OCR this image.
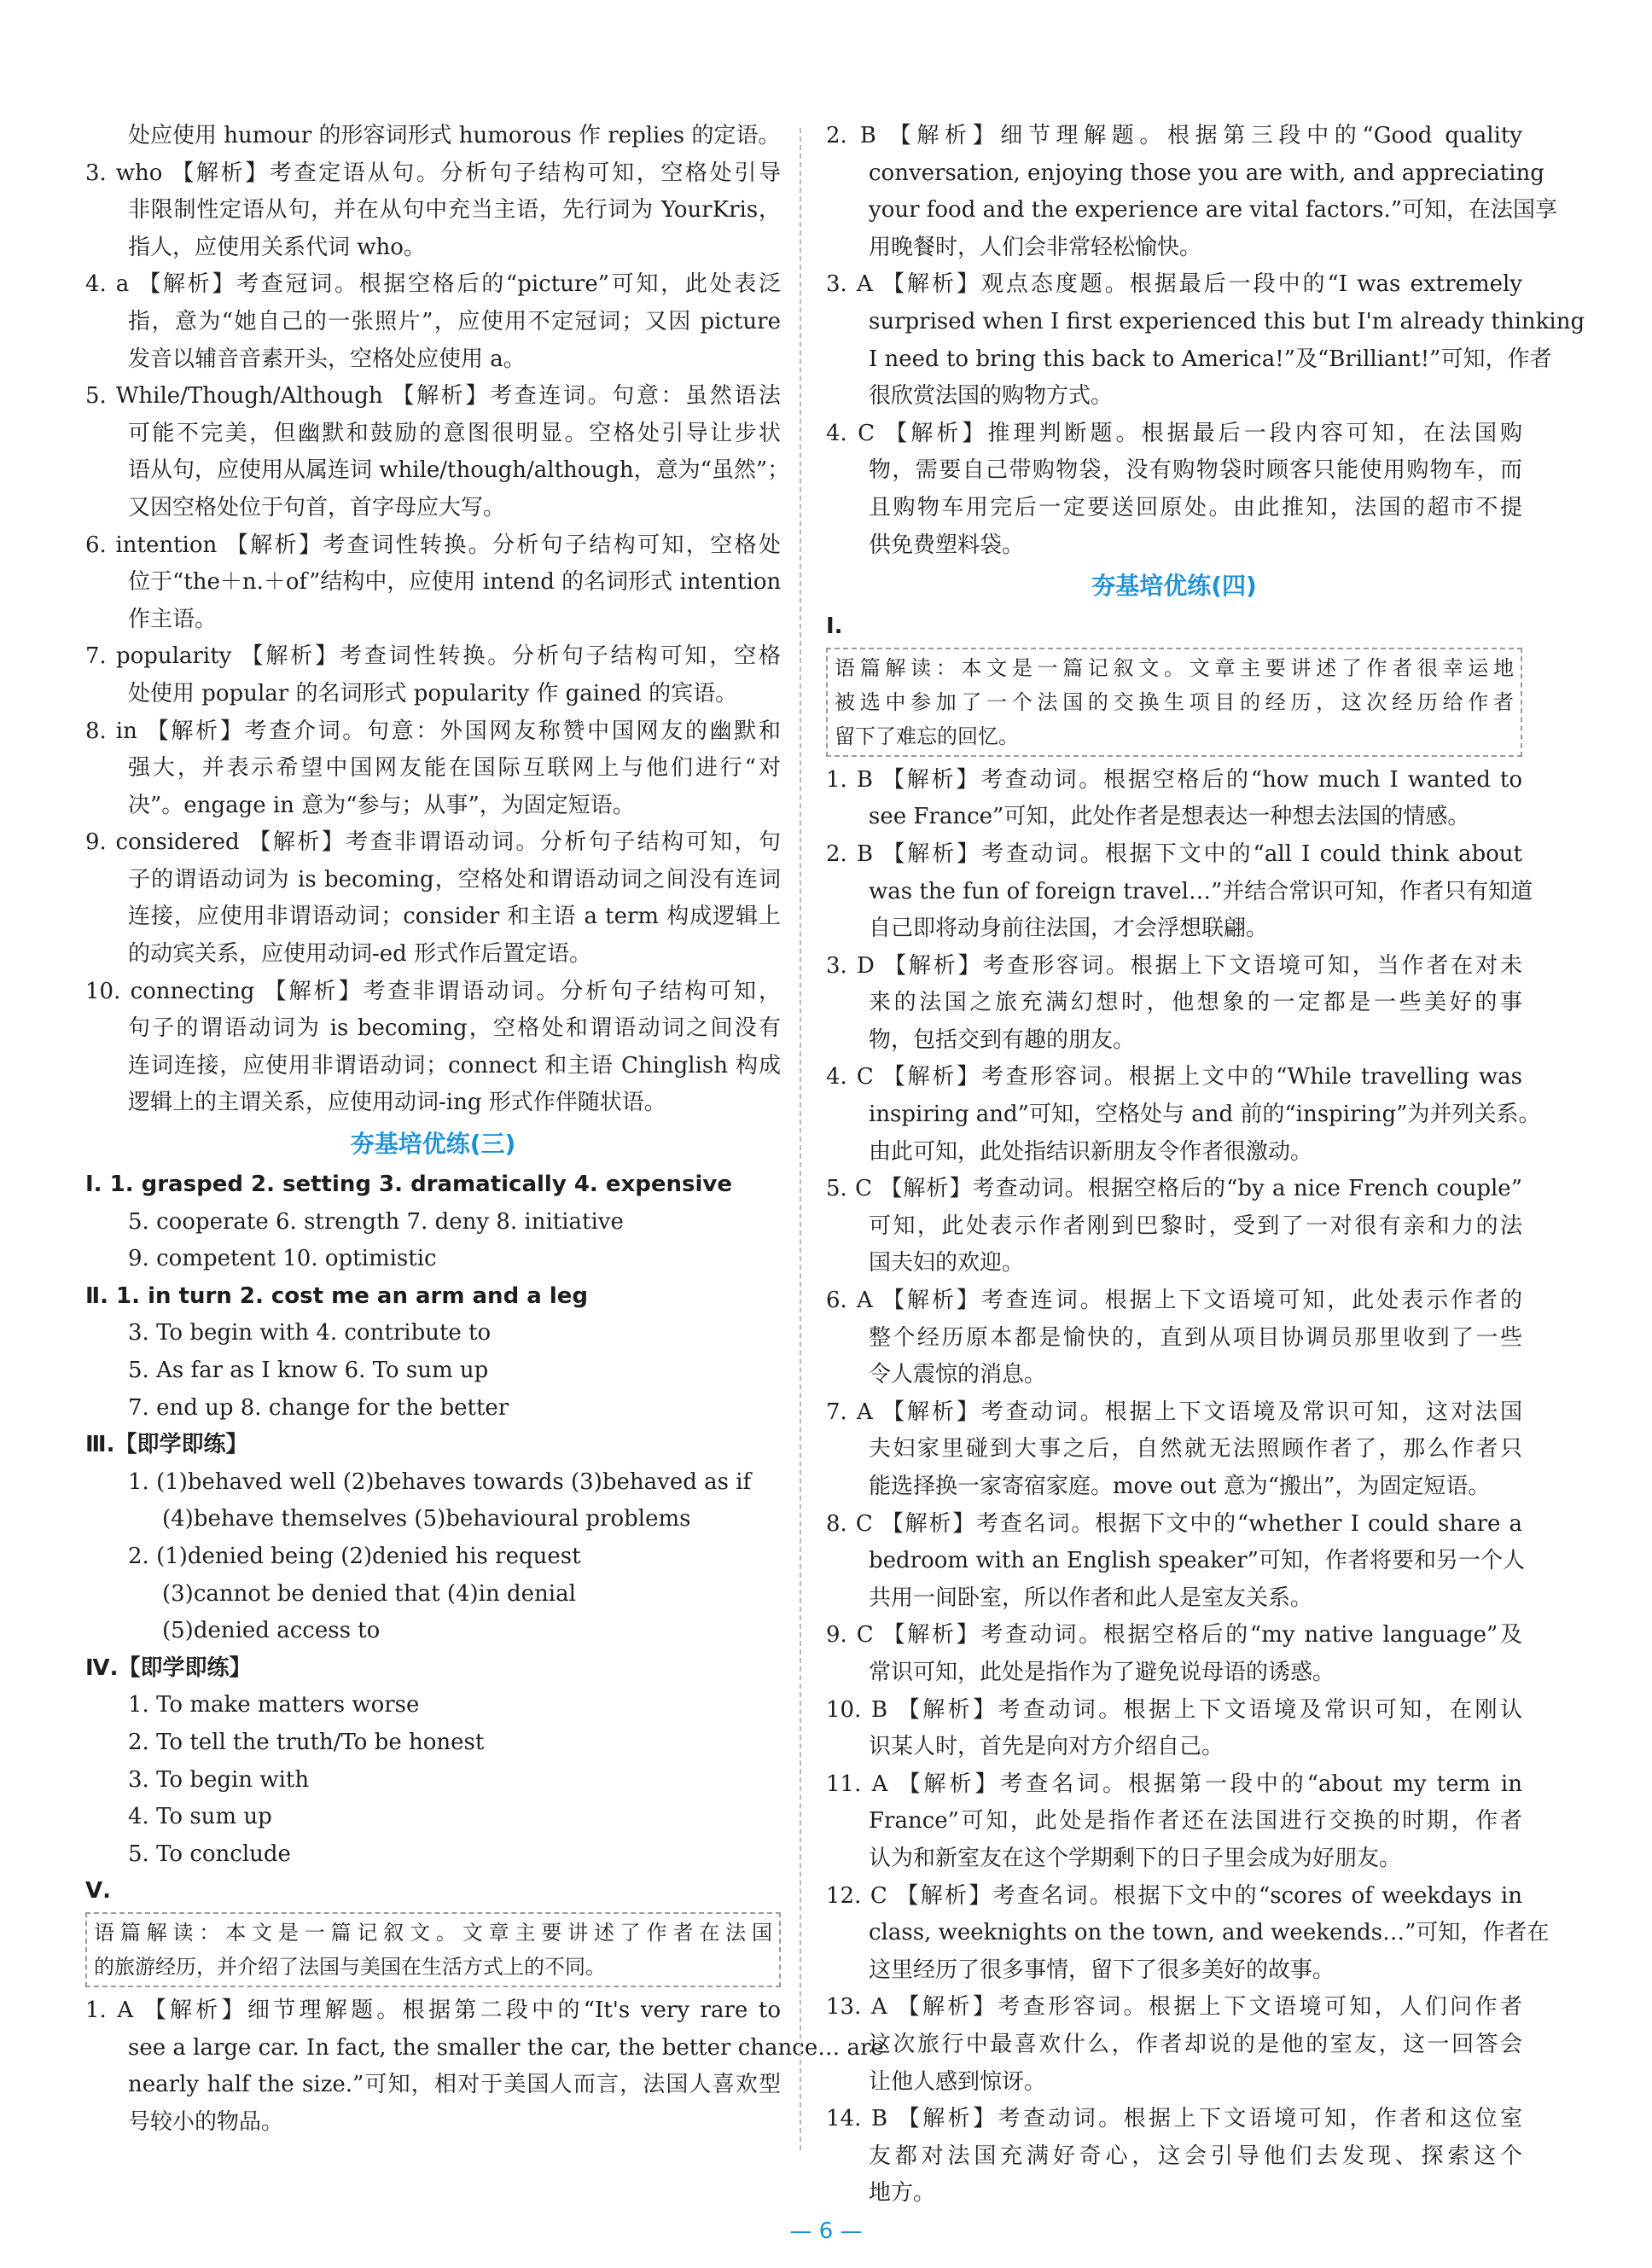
处应使用 humour 的形容词形式 humorous 作 replies 的定语。
3. who 【解析】考查定语从句。分析句子结构可知，空格处引导
非限制性定语从句，并在从句中充当主语，先行词为 YourKris，
指人，应使用关系代词 who。
4. a 【解析】考查冠词。根据空格后的“picture”可知，此处表泛
指，意为“她自己的一张照片”，应使用不定冠词；又因 picture
发音以辅音音素开头，空格处应使用 a。
5. While/Though/Although 【解析】考查连词。句意：虽然语法
可能不完美，但幽默和鼓励的意图很明显。空格处引导让步状
语从句，应使用从属连词 while/though/although，意为“虽然”；
又因空格处位于句首，首字母应大写。
6. intention 【解析】考查词性转换。分析句子结构可知，空格处
位于“the＋n.＋of”结构中，应使用 intend 的名词形式 intention
作主语。
7. popularity 【解析】考查词性转换。分析句子结构可知，空格
处使用 popular 的名词形式 popularity 作 gained 的宾语。
8. in 【解析】考查介词。句意：外国网友称赞中国网友的幽默和
强大，并表示希望中国网友能在国际互联网上与他们进行“对
决”。engage in 意为“参与；从事”，为固定短语。
9. considered 【解析】考查非谓语动词。分析句子结构可知，句
子的谓语动词为 is becoming，空格处和谓语动词之间没有连词
连接，应使用非谓语动词；consider 和主语 a term 构成逻辑上
的动宾关系，应使用动词-ed 形式作后置定语。
10. connecting 【解析】考查非谓语动词。分析句子结构可知，
句子的谓语动词为 is becoming，空格处和谓语动词之间没有
连词连接，应使用非谓语动词；connect 和主语 Chinglish 构成
逻辑上的主谓关系，应使用动词-ing 形式作伴随状语。
夯基培优练(三)
Ⅰ. 1. grasped 2. setting 3. dramatically 4. expensive
5. cooperate 6. strength 7. deny 8. initiative
9. competent 10. optimistic
Ⅱ. 1. in turn 2. cost me an arm and a leg
3. To begin with 4. contribute to
5. As far as I know 6. To sum up
7. end up 8. change for the better
Ⅲ.【即学即练】
1. (1)behaved well (2)behaves towards (3)behaved as if
(4)behave themselves (5)behavioural problems
2. (1)denied being (2)denied his request
(3)cannot be denied that (4)in denial
(5)denied access to
Ⅳ.【即学即练】
1. To make matters worse
2. To tell the truth/To be honest
3. To begin with
4. To sum up
5. To conclude
Ⅴ.
语篇解读：本文是一篇记叙文。文章主要讲述了作者在法国
的旅游经历，并介绍了法国与美国在生活方式上的不同。
1. A 【解析】细节理解题。根据第二段中的“It's very rare to
see a large car. In fact, the smaller the car, the better chance… are
nearly half the size.”可知，相对于美国人而言，法国人喜欢型
号较小的物品。
2. B 【解析】细节理解题。根据第三段中的“Good quality
conversation, enjoying those you are with, and appreciating
your food and the experience are vital factors.”可知，在法国享
用晚餐时，人们会非常轻松愉快。
3. A 【解析】观点态度题。根据最后一段中的“I was extremely
surprised when I first experienced this but I'm already thinking
I need to bring this back to America!”及“Brilliant!”可知，作者
很欣赏法国的购物方式。
4. C 【解析】推理判断题。根据最后一段内容可知，在法国购
物，需要自己带购物袋，没有购物袋时顾客只能使用购物车，而
且购物车用完后一定要送回原处。由此推知，法国的超市不提
供免费塑料袋。
夯基培优练(四)
Ⅰ.
语篇解读：本文是一篇记叙文。文章主要讲述了作者很幸运地
被选中参加了一个法国的交换生项目的经历，这次经历给作者
留下了难忘的回忆。
1. B 【解析】考查动词。根据空格后的“how much I wanted to
see France”可知，此处作者是想表达一种想去法国的情感。
2. B 【解析】考查动词。根据下文中的“all I could think about
was the fun of foreign travel…”并结合常识可知，作者只有知道
自己即将动身前往法国，才会浮想联翩。
3. D 【解析】考查形容词。根据上下文语境可知，当作者在对未
来的法国之旅充满幻想时，他想象的一定都是一些美好的事
物，包括交到有趣的朋友。
4. C 【解析】考查形容词。根据上文中的“While travelling was
inspiring and”可知，空格处与 and 前的“inspiring”为并列关系。
由此可知，此处指结识新朋友令作者很激动。
5. C 【解析】考查动词。根据空格后的“by a nice French couple”
可知，此处表示作者刚到巴黎时，受到了一对很有亲和力的法
国夫妇的欢迎。
6. A 【解析】考查连词。根据上下文语境可知，此处表示作者的
整个经历原本都是愉快的，直到从项目协调员那里收到了一些
令人震惊的消息。
7. A 【解析】考查动词。根据上下文语境及常识可知，这对法国
夫妇家里碰到大事之后，自然就无法照顾作者了，那么作者只
能选择换一家寄宿家庭。move out 意为“搬出”，为固定短语。
8. C 【解析】考查名词。根据下文中的“whether I could share a
bedroom with an English speaker”可知，作者将要和另一个人
共用一间卧室，所以作者和此人是室友关系。
9. C 【解析】考查动词。根据空格后的“my native language”及
常识可知，此处是指作为了避免说母语的诱惑。
10. B 【解析】考查动词。根据上下文语境及常识可知，在刚认
识某人时，首先是向对方介绍自己。
11. A 【解析】考查名词。根据第一段中的“about my term in
France”可知，此处是指作者还在法国进行交换的时期，作者
认为和新室友在这个学期剩下的日子里会成为好朋友。
12. C 【解析】考查名词。根据下文中的“scores of weekdays in
class, weeknights on the town, and weekends…”可知，作者在
这里经历了很多事情，留下了很多美好的故事。
13. A 【解析】考查形容词。根据上下文语境可知，人们问作者
这次旅行中最喜欢什么，作者却说的是他的室友，这一回答会
让他人感到惊讶。
14. B 【解析】考查动词。根据上下文语境可知，作者和这位室
友都对法国充满好奇心，这会引导他们去发现、探索这个
地方。
— 6 —
